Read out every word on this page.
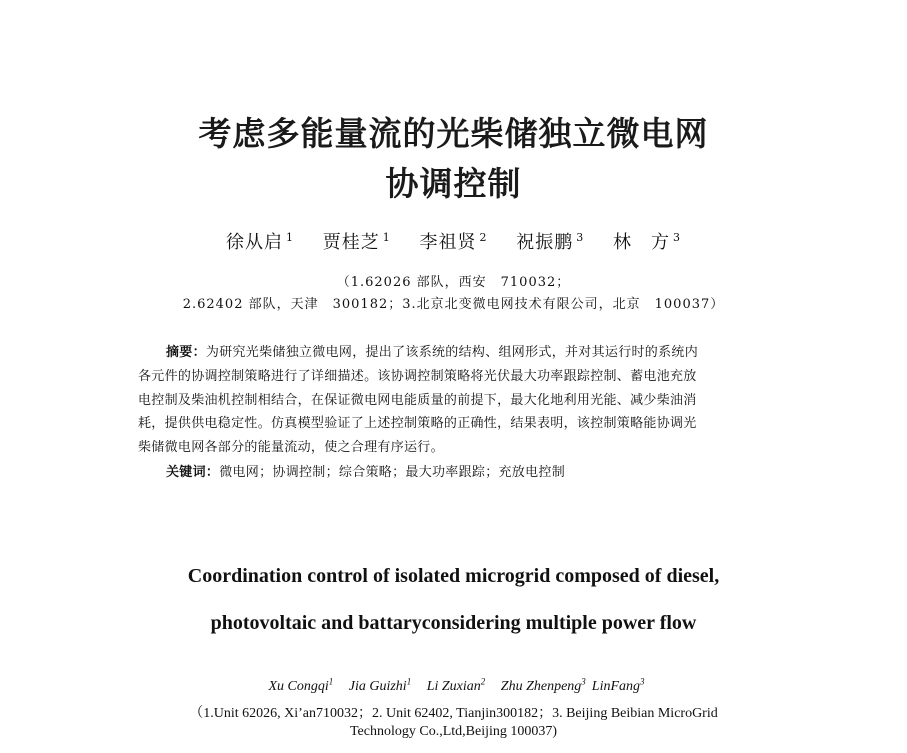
考虑多能量流的光柴储独立微电网
协调控制
徐从启 $^1$ 贾桂芝 $^1$ 李祖贤 $^2$ 祝振鹏 $^3$ 林　方 $^3$
（1.62026 部队，西安　710032；
2.62402 部队，天津　300182；3.北京北变微电网技术有限公司，北京　100037）
摘要：为研究光柴储独立微电网，提出了该系统的结构、组网形式，并对其运行时的系统内
各元件的协调控制策略进行了详细描述。该协调控制策略将光伏最大功率跟踪控制、蓄电池充放
电控制及柴油机控制相结合，在保证微电网电能质量的前提下，最大化地利用光能、减少柴油消
耗，提供供电稳定性。仿真模型验证了上述控制策略的正确性，结果表明，该控制策略能协调光
柴储微电网各部分的能量流动，使之合理有序运行。
关键词：微电网；协调控制；综合策略；最大功率跟踪；充放电控制
Coordination control of isolated microgrid composed of diesel,
photovoltaic and battaryconsidering multiple power flow
Xu Congqi$^1$ Jia Guizhi$^1$ Li Zuxian$^2$ Zhu Zhenpeng$^3$ LinFang$^3$
（1.Unit 62026, Xi’an710032；2. Unit 62402, Tianjin300182；3. Beijing Beibian MicroGrid
Technology Co.,Ltd,Beijing 100037)
